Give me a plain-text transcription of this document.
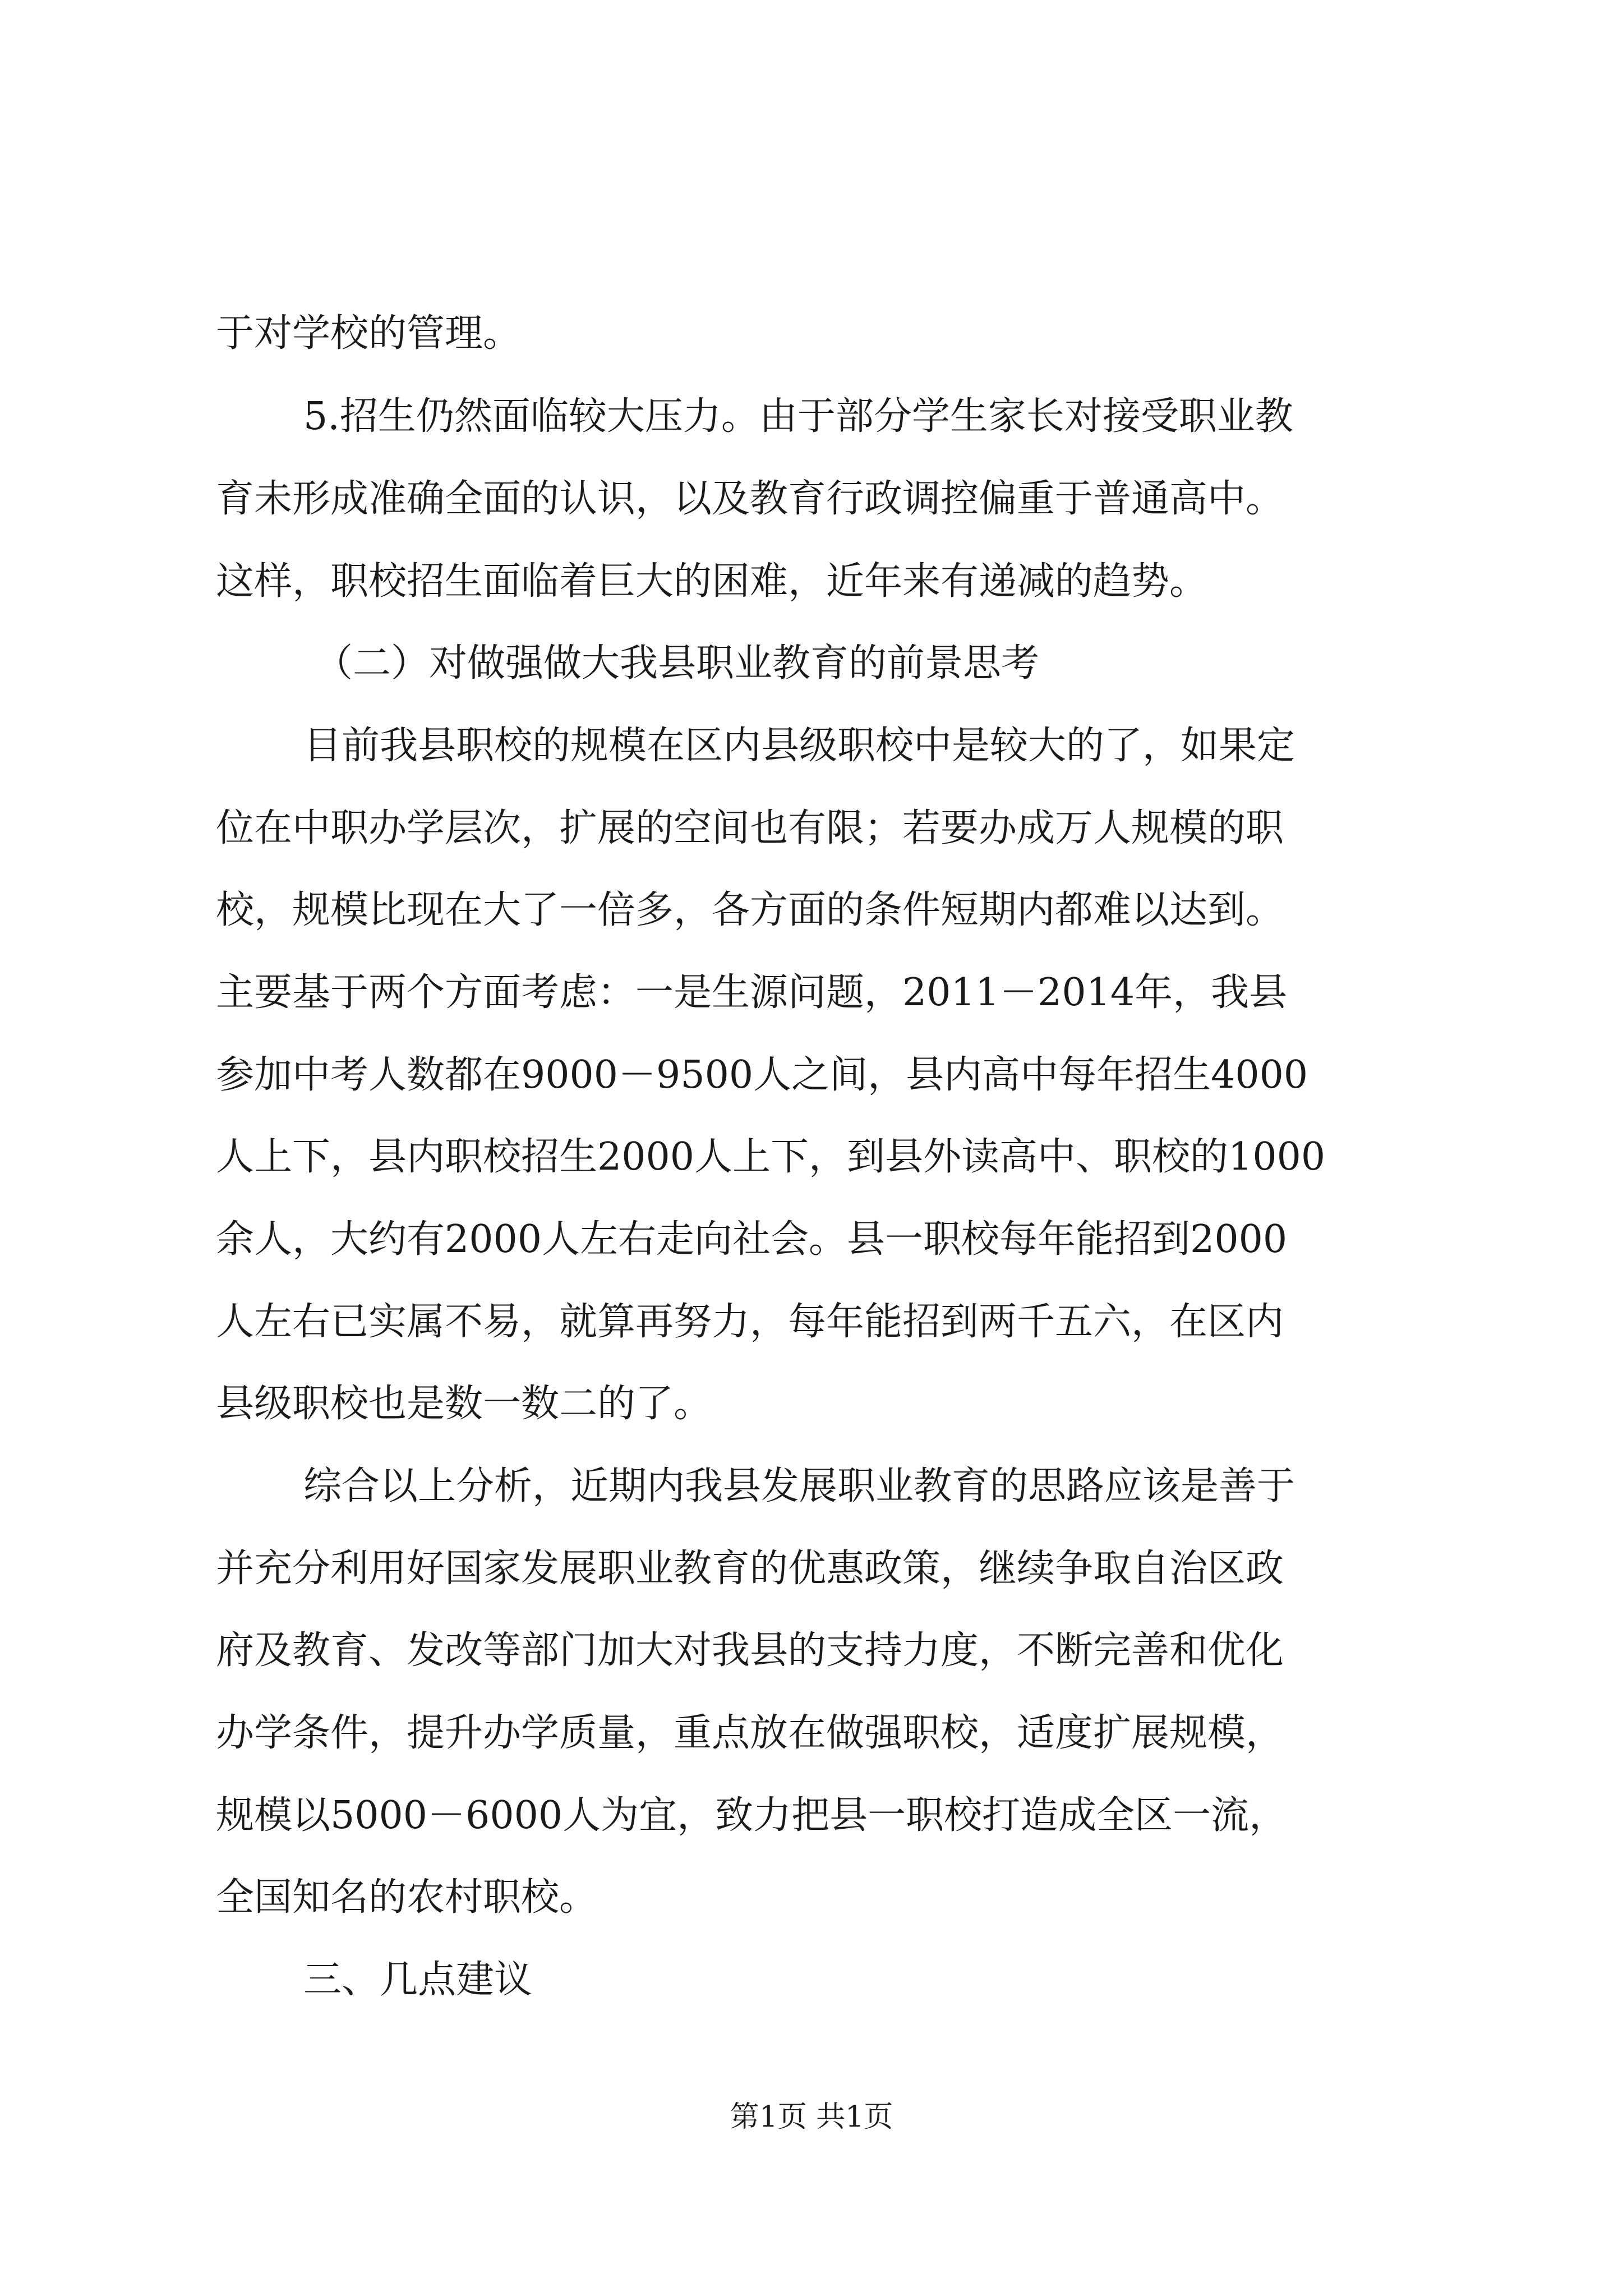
于对学校的管理。
5.招生仍然面临较大压力。由于部分学生家长对接受职业教
育未形成准确全面的认识，以及教育行政调控偏重于普通高中。
这样，职校招生面临着巨大的困难，近年来有递减的趋势。
（二）对做强做大我县职业教育的前景思考
目前我县职校的规模在区内县级职校中是较大的了，如果定
位在中职办学层次，扩展的空间也有限；若要办成万人规模的职
校，规模比现在大了一倍多，各方面的条件短期内都难以达到。
主要基于两个方面考虑：一是生源问题，2011－2014年，我县
参加中考人数都在9000－9500人之间，县内高中每年招生4000
人上下，县内职校招生2000人上下，到县外读高中、职校的1000
余人，大约有2000人左右走向社会。县一职校每年能招到2000
人左右已实属不易，就算再努力，每年能招到两千五六，在区内
县级职校也是数一数二的了。
综合以上分析，近期内我县发展职业教育的思路应该是善于
并充分利用好国家发展职业教育的优惠政策，继续争取自治区政
府及教育、发改等部门加大对我县的支持力度，不断完善和优化
办学条件，提升办学质量，重点放在做强职校，适度扩展规模，
规模以5000－6000人为宜，致力把县一职校打造成全区一流，
全国知名的农村职校。
三、几点建议
第1页 共1页
